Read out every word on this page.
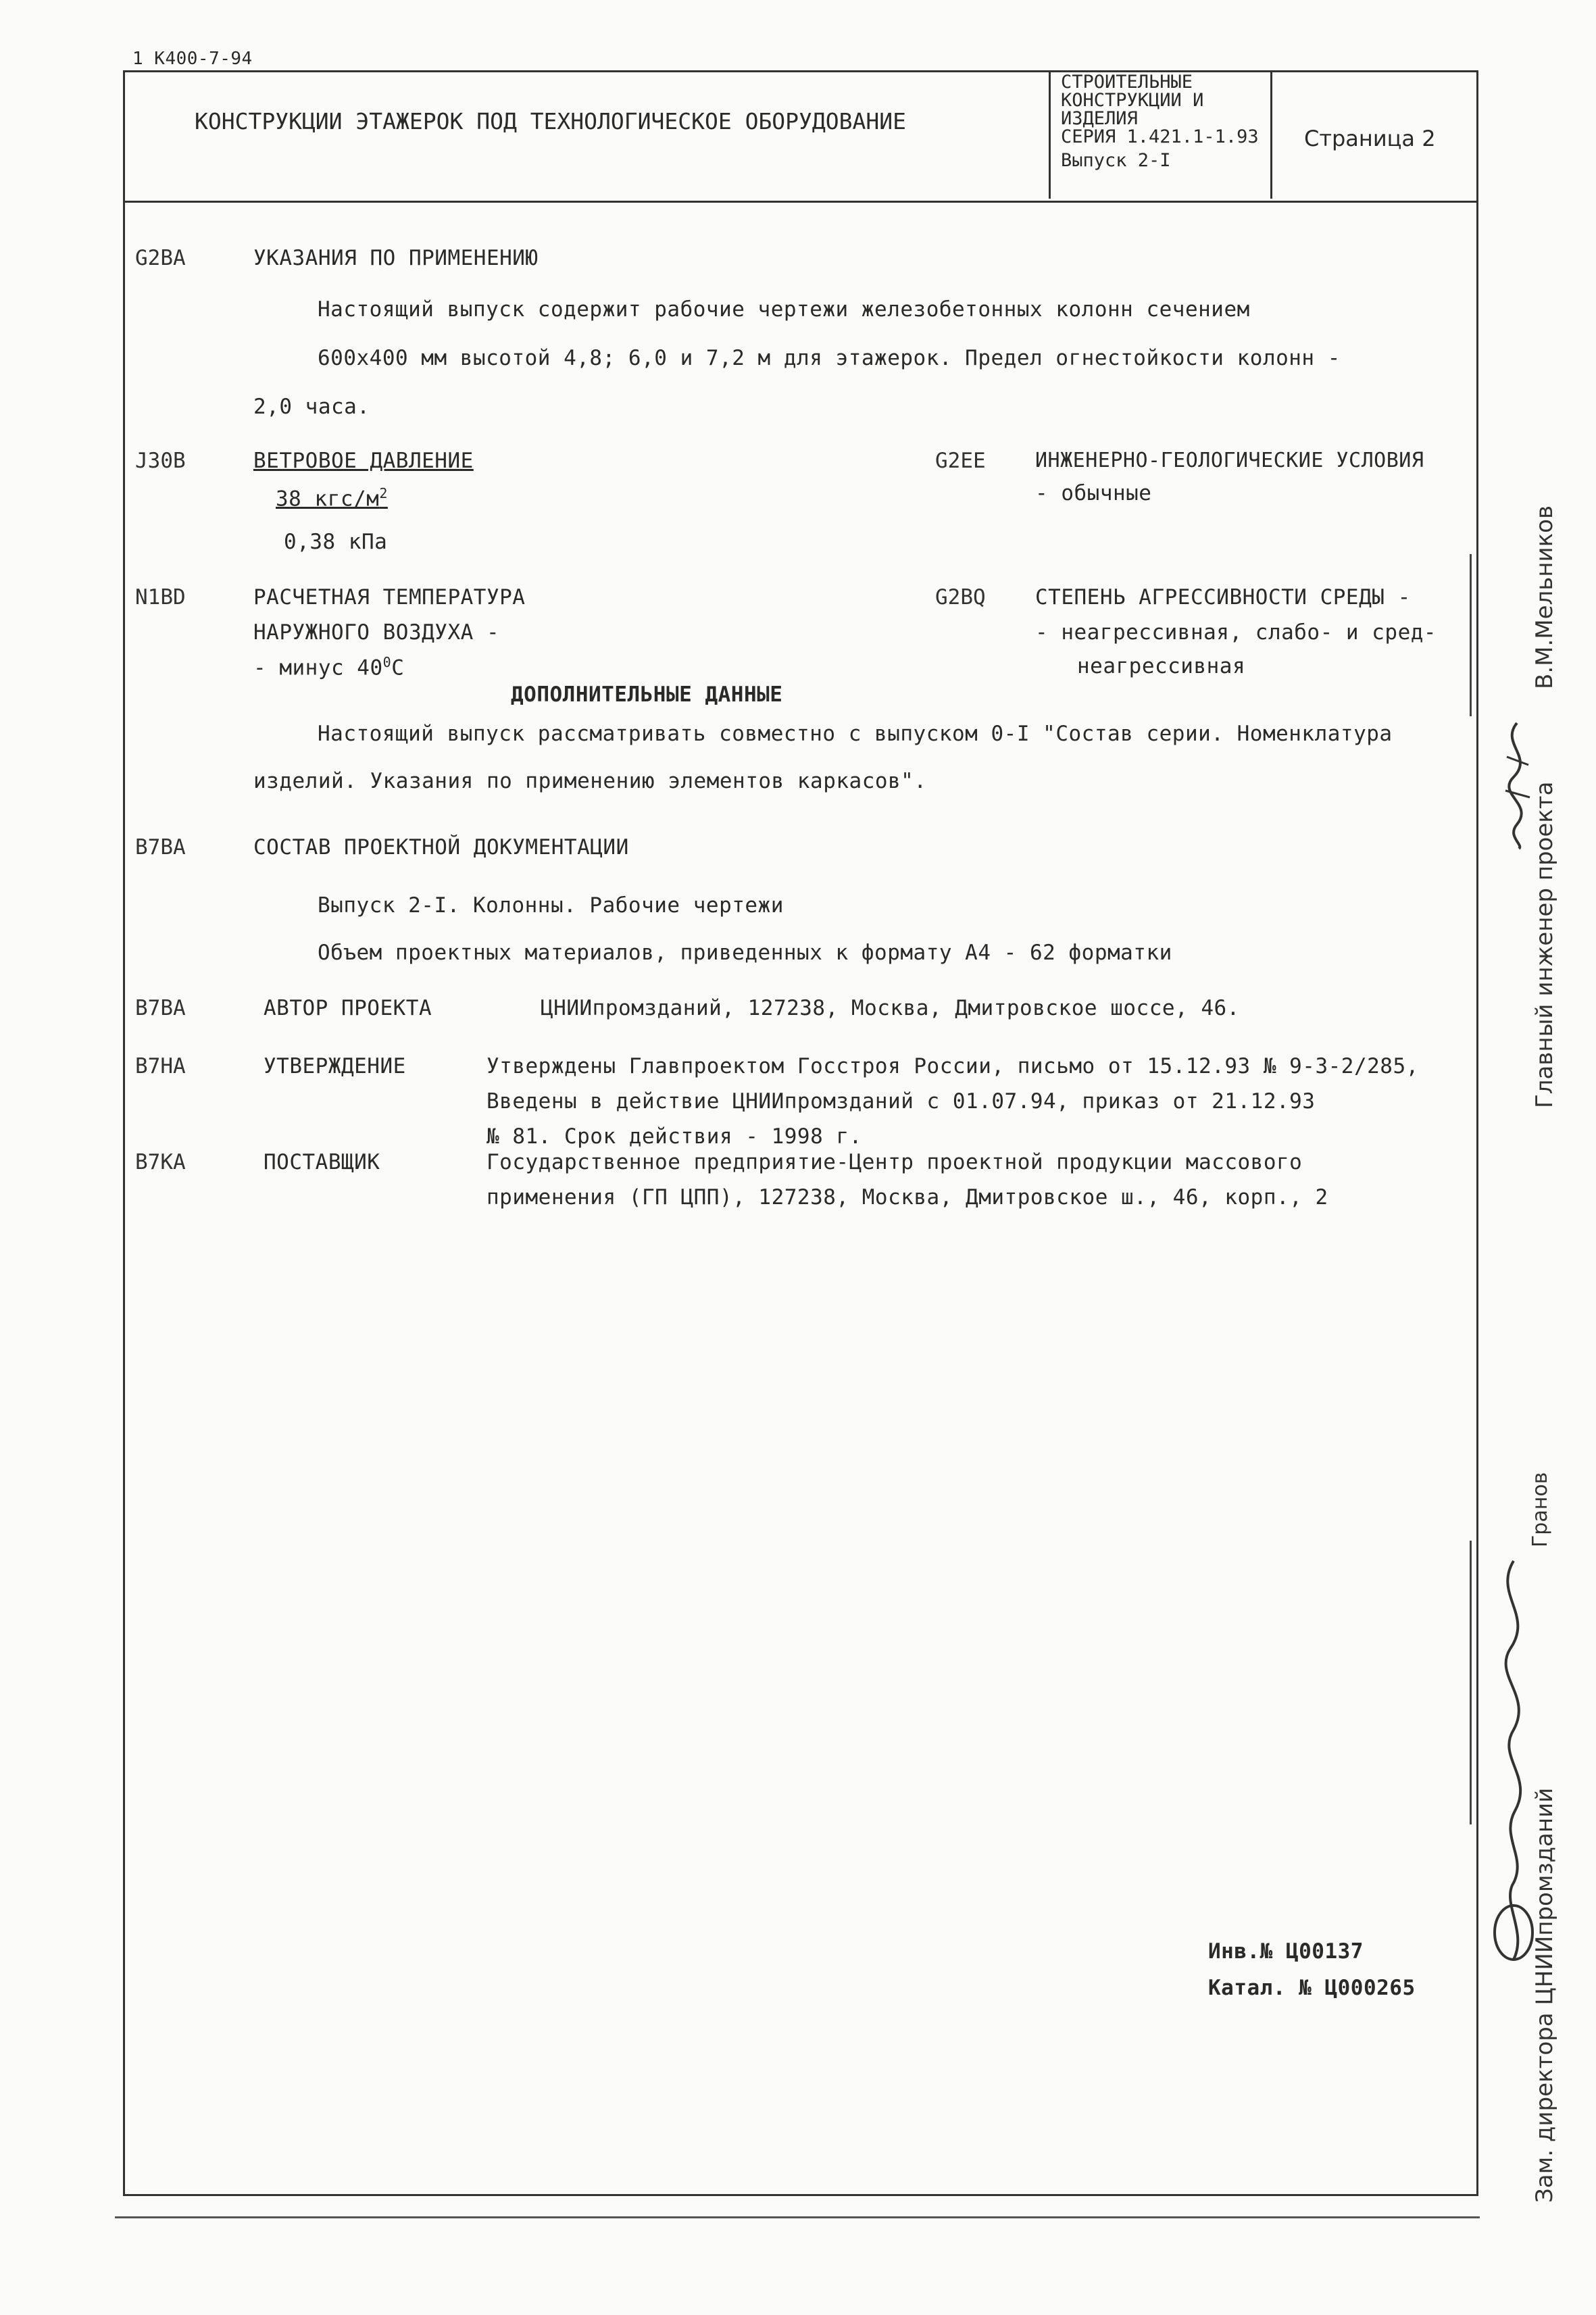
1 К400-7-94
КОНСТРУКЦИИ ЭТАЖЕРОК ПОД ТЕХНОЛОГИЧЕСКОЕ ОБОРУДОВАНИЕ
СТРОИТЕЛЬНЫЕ
КОНСТРУКЦИИ И
ИЗДЕЛИЯ
СЕРИЯ 1.421.1-1.93
Выпуск 2-I
Страница 2
G2BA	УКАЗАНИЯ ПО ПРИМЕНЕНИЮ
Настоящий выпуск содержит рабочие чертежи железобетонных колонн сечением
600х400 мм высотой 4,8; 6,0 и 7,2 м для этажерок. Предел огнестойкости колонн -
2,0 часа.
J30B	ВЕТРОВОЕ ДАВЛЕНИЕ
38 кгс/$м^2$
0,38 кПа
G2EE ИНЖЕНЕРНО-ГЕОЛОГИЧЕСКИЕ УСЛОВИЯ
- обычные
N1BD	РАСЧЕТНАЯ ТЕМПЕРАТУРА
НАРУЖНОГО ВОЗДУХА -
- минус $40^0С$
G2BQ СТЕПЕНЬ АГРЕССИВНОСТИ СРЕДЫ -
- неагрессивная, слабо- и сред-
неагрессивная
ДОПОЛНИТЕЛЬНЫЕ ДАННЫЕ
Настоящий выпуск рассматривать совместно с выпуском 0-I "Состав серии. Номенклатура
изделий. Указания по применению элементов каркасов".
B7BA	СОСТАВ ПРОЕКТНОЙ ДОКУМЕНТАЦИИ
Выпуск 2-I. Колонны. Рабочие чертежи
Объем проектных материалов, приведенных к формату А4 - 62 форматки
B7BA	АВТОР ПРОЕКТА	ЦНИИпромзданий, 127238, Москва, Дмитровское шоссе, 46.
B7HA	УТВЕРЖДЕНИЕ	Утверждены Главпроектом Госстроя России, письмо от 15.12.93 № 9-3-2/285,
Введены в действие ЦНИИпромзданий с 01.07.94, приказ от 21.12.93
№ 81. Срок действия - 1998 г.
B7KA	ПОСТАВЩИК	Государственное предприятие-Центр проектной продукции массового
применения (ГП ЦПП), 127238, Москва, Дмитровское ш., 46, корп., 2
Инв.№ Ц00137
Катал. № Ц000265
Главный инженер проекта
В.М.Мельников
Зам. директора ЦНИИпромзданий
Гранов
